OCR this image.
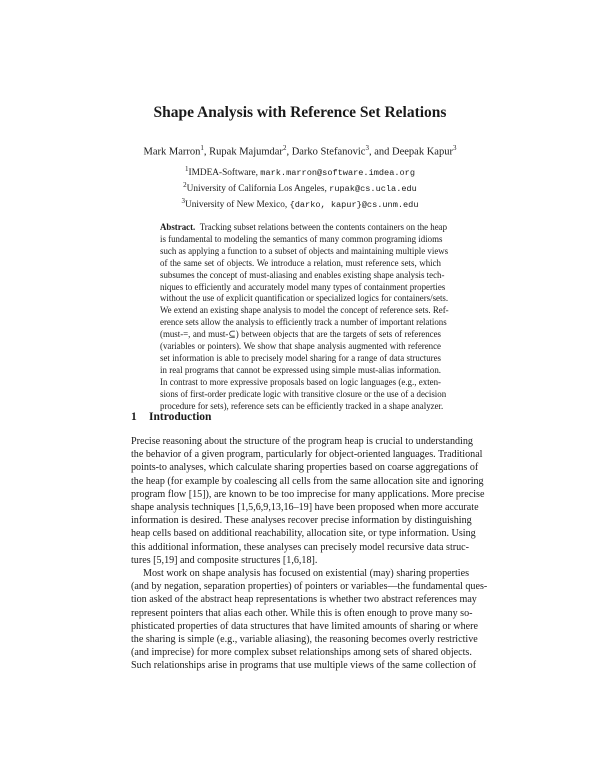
Shape Analysis with Reference Set Relations
Mark Marron$^1$, Rupak Majumdar$^2$, Darko Stefanovic$^3$, and Deepak Kapur$^3$
$^1$IMDEA-Software, mark.marron@software.imdea.org
$^2$University of California Los Angeles, rupak@cs.ucla.edu
$^3$University of New Mexico, {darko, kapur}@cs.unm.edu
Abstract. Tracking subset relations between the contents containers on the heap
is fundamental to modeling the semantics of many common programing idioms
such as applying a function to a subset of objects and maintaining multiple views
of the same set of objects. We introduce a relation, must reference sets, which
subsumes the concept of must-aliasing and enables existing shape analysis tech-
niques to efficiently and accurately model many types of containment properties
without the use of explicit quantification or specialized logics for containers/sets.
We extend an existing shape analysis to model the concept of reference sets. Ref-
erence sets allow the analysis to efficiently track a number of important relations
(must-=, and must-⊆) between objects that are the targets of sets of references
(variables or pointers). We show that shape analysis augmented with reference
set information is able to precisely model sharing for a range of data structures
in real programs that cannot be expressed using simple must-alias information.
In contrast to more expressive proposals based on logic languages (e.g., exten-
sions of first-order predicate logic with transitive closure or the use of a decision
procedure for sets), reference sets can be efficiently tracked in a shape analyzer.
1 Introduction
Precise reasoning about the structure of the program heap is crucial to understanding
the behavior of a given program, particularly for object-oriented languages. Traditional
points-to analyses, which calculate sharing properties based on coarse aggregations of
the heap (for example by coalescing all cells from the same allocation site and ignoring
program flow [15]), are known to be too imprecise for many applications. More precise
shape analysis techniques [1,5,6,9,13,16–19] have been proposed when more accurate
information is desired. These analyses recover precise information by distinguishing
heap cells based on additional reachability, allocation site, or type information. Using
this additional information, these analyses can precisely model recursive data struc-
tures [5,19] and composite structures [1,6,18].
Most work on shape analysis has focused on existential (may) sharing properties
(and by negation, separation properties) of pointers or variables—the fundamental ques-
tion asked of the abstract heap representations is whether two abstract references may
represent pointers that alias each other. While this is often enough to prove many so-
phisticated properties of data structures that have limited amounts of sharing or where
the sharing is simple (e.g., variable aliasing), the reasoning becomes overly restrictive
(and imprecise) for more complex subset relationships among sets of shared objects.
Such relationships arise in programs that use multiple views of the same collection of
